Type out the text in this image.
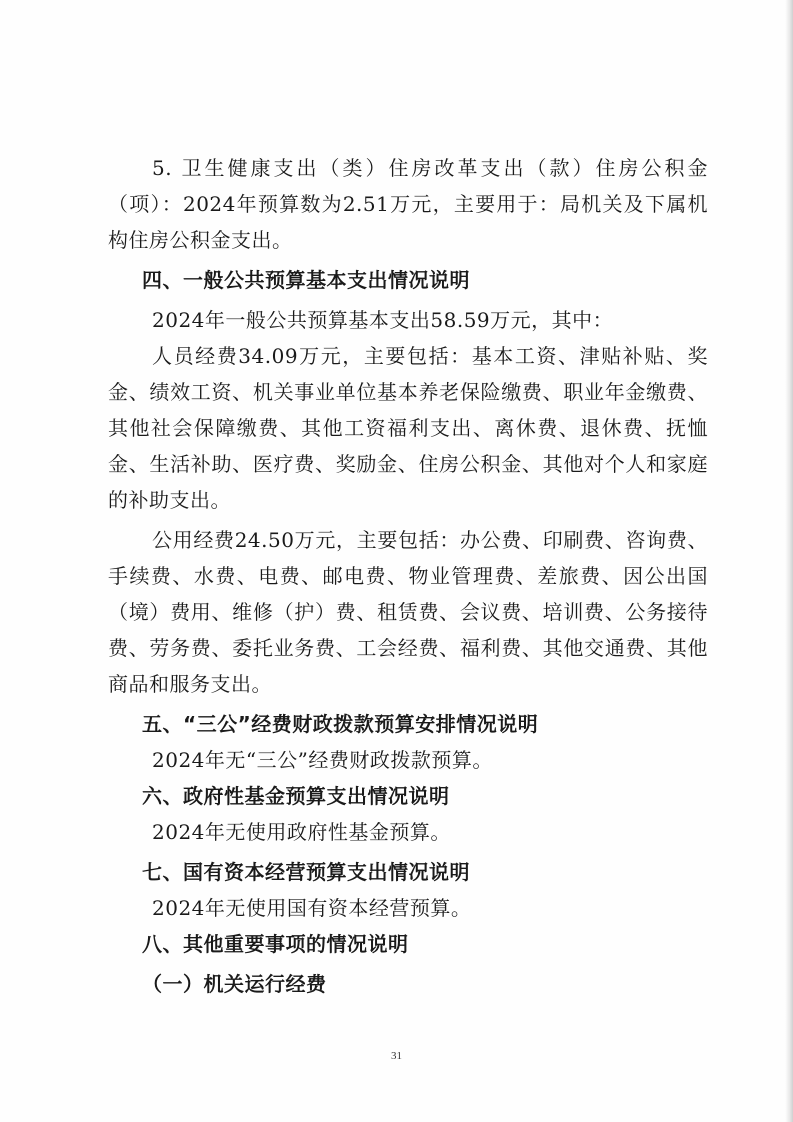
5. 卫生健康支出（类）住房改革支出（款）住房公积金（项）：2024年预算数为2.51万元，主要用于：局机关及下属机构住房公积金支出。

四、一般公共预算基本支出情况说明

2024年一般公共预算基本支出58.59万元，其中：

人员经费34.09万元，主要包括：基本工资、津贴补贴、奖金、绩效工资、机关事业单位基本养老保险缴费、职业年金缴费、其他社会保障缴费、其他工资福利支出、离休费、退休费、抚恤金、生活补助、医疗费、奖励金、住房公积金、其他对个人和家庭的补助支出。

公用经费24.50万元，主要包括：办公费、印刷费、咨询费、手续费、水费、电费、邮电费、物业管理费、差旅费、因公出国（境）费用、维修（护）费、租赁费、会议费、培训费、公务接待费、劳务费、委托业务费、工会经费、福利费、其他交通费、其他商品和服务支出。

五、“三公”经费财政拨款预算安排情况说明

2024年无“三公”经费财政拨款预算。

六、政府性基金预算支出情况说明

2024年无使用政府性基金预算。

七、国有资本经营预算支出情况说明

2024年无使用国有资本经营预算。

八、其他重要事项的情况说明

（一）机关运行经费

31
